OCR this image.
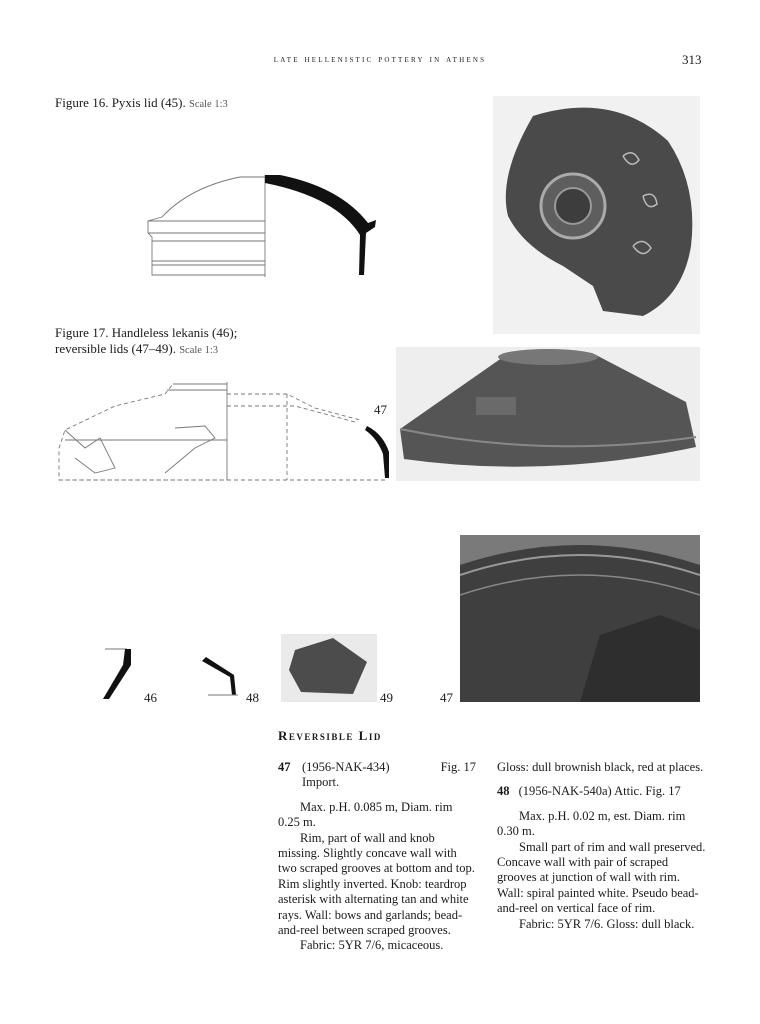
late hellenistic pottery in athens	313
Figure 16. Pyxis lid (45). Scale 1:3
Figure 17. Handleless lekanis (46);
reversible lids (47–49). Scale 1:3
47
46	48	49	47
Reversible Lid
47 (1956-NAK-434)	Fig. 17

Import.

Max. p.H. 0.085 m, Diam. rim 0.25 m.

Rim, part of wall and knob missing. Slightly concave wall with two scraped grooves at bottom and top. Rim slightly inverted. Knob: teardrop asterisk with alternating tan and white rays. Wall: bows and garlands; bead-and-reel between scraped grooves.

Fabric: 5YR 7/6, micaceous.

Gloss: dull brownish black, red at places.

48 (1956-NAK-540a) Attic. Fig. 17

Max. p.H. 0.02 m, est. Diam. rim 0.30 m.

Small part of rim and wall preserved. Concave wall with pair of scraped grooves at junction of wall with rim. Wall: spiral painted white. Pseudo bead-and-reel on vertical face of rim.

Fabric: 5YR 7/6. Gloss: dull black.
